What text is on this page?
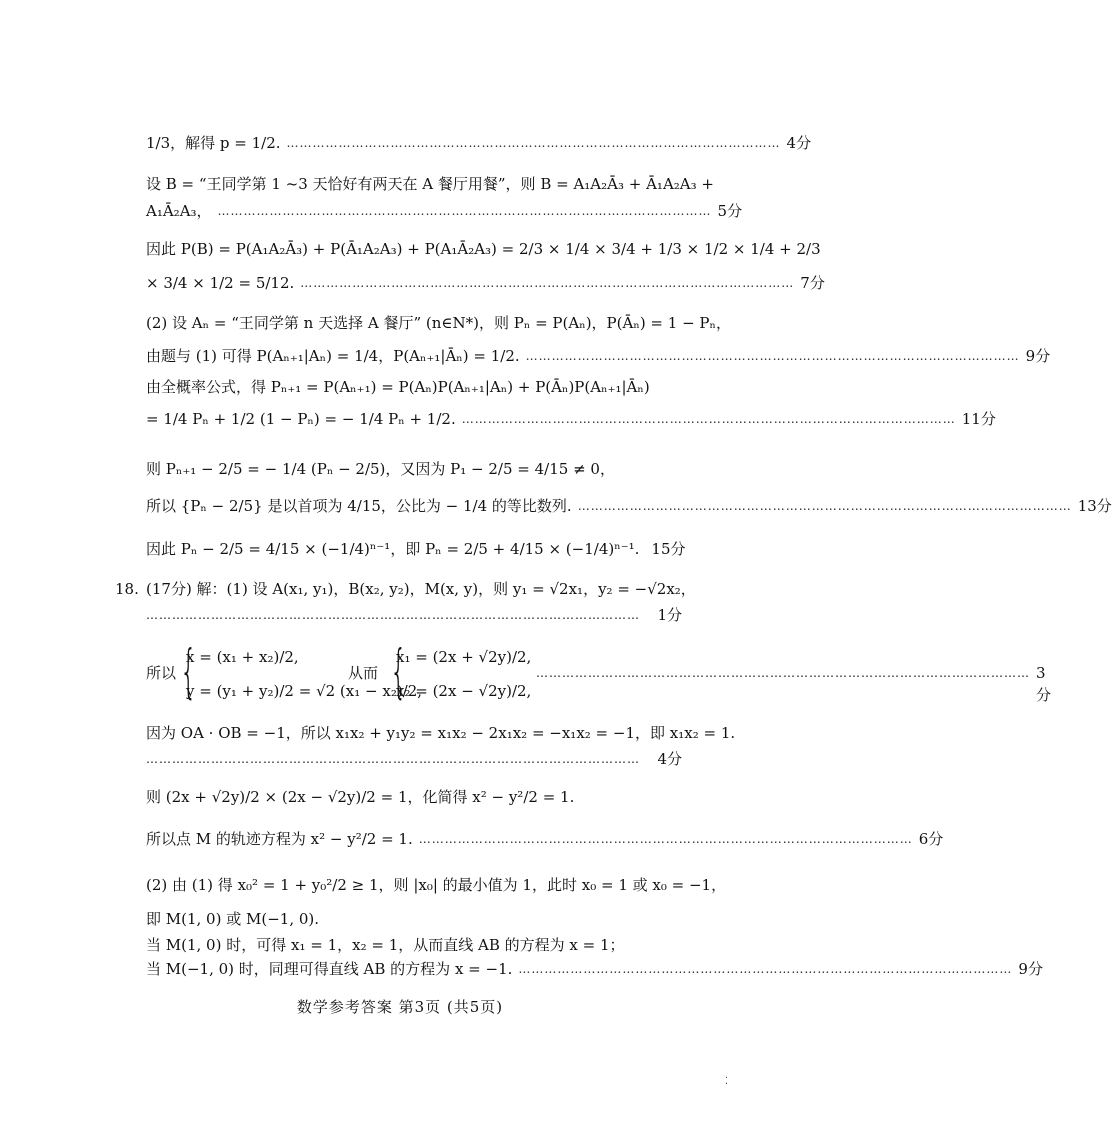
1/3，解得 p = 1/2. …………………………………………………………………………………………………… 4分
设 B = “王同学第 1 ~3 天恰好有两天在 A 餐厅用餐”，则 B = A₁A₂Ā₃ + Ā₁A₂A₃ +
A₁Ā₂A₃， …………………………………………………………………………………………………… 5分
因此 P(B) = P(A₁A₂Ā₃) + P(Ā₁A₂A₃) + P(A₁Ā₂A₃) = 2/3 × 1/4 × 3/4 + 1/3 × 1/2 × 1/4 + 2/3
× 3/4 × 1/2 = 5/12. …………………………………………………………………………………………………… 7分
(2) 设 Aₙ = “王同学第 n 天选择 A 餐厅” (n∈N*)，则 Pₙ = P(Aₙ)，P(Āₙ) = 1 − Pₙ，
由题与 (1) 可得 P(Aₙ₊₁|Aₙ) = 1/4，P(Aₙ₊₁|Āₙ) = 1/2. …………………………………………………………………………………………………… 9分
由全概率公式，得 Pₙ₊₁ = P(Aₙ₊₁) = P(Aₙ)P(Aₙ₊₁|Aₙ) + P(Āₙ)P(Aₙ₊₁|Āₙ)
= 1/4 Pₙ + 1/2 (1 − Pₙ) = − 1/4 Pₙ + 1/2. …………………………………………………………………………………………………… 11分
则 Pₙ₊₁ − 2/5 = − 1/4 (Pₙ − 2/5)，又因为 P₁ − 2/5 = 4/15 ≠ 0，
所以 {Pₙ − 2/5} 是以首项为 4/15，公比为 − 1/4 的等比数列. …………………………………………………………………………………………………… 13分
因此 Pₙ − 2/5 = 4/15 × (−1/4)ⁿ⁻¹，即 Pₙ = 2/5 + 4/15 × (−1/4)ⁿ⁻¹. 15分
18. (17分) 解：(1) 设 A(x₁, y₁)，B(x₂, y₂)，M(x, y)，则 y₁ = √2x₁，y₂ = −√2x₂，
……………………………………………………………………………………………………	1分
所以 {
x = (x₁ + x₂)/2,
y = (y₁ + y₂)/2 = √2 (x₁ − x₂)/2,
从而 {
x₁ = (2x + √2y)/2,
x₂ = (2x − √2y)/2,
…………………………………………………………………………………………………… 3分
因为 OA · OB = −1，所以 x₁x₂ + y₁y₂ = x₁x₂ − 2x₁x₂ = −x₁x₂ = −1，即 x₁x₂ = 1.
……………………………………………………………………………………………………	4分
则 (2x + √2y)/2 × (2x − √2y)/2 = 1，化简得 x² − y²/2 = 1.
所以点 M 的轨迹方程为 x² − y²/2 = 1. …………………………………………………………………………………………………… 6分
(2) 由 (1) 得 x₀² = 1 + y₀²/2 ≥ 1，则 |x₀| 的最小值为 1，此时 x₀ = 1 或 x₀ = −1，
即 M(1, 0) 或 M(−1, 0).
当 M(1, 0) 时，可得 x₁ = 1，x₂ = 1，从而直线 AB 的方程为 x = 1；
当 M(−1, 0) 时，同理可得直线 AB 的方程为 x = −1. …………………………………………………………………………………………………… 9分
数学参考答案 第3页 (共5页)
⁚
